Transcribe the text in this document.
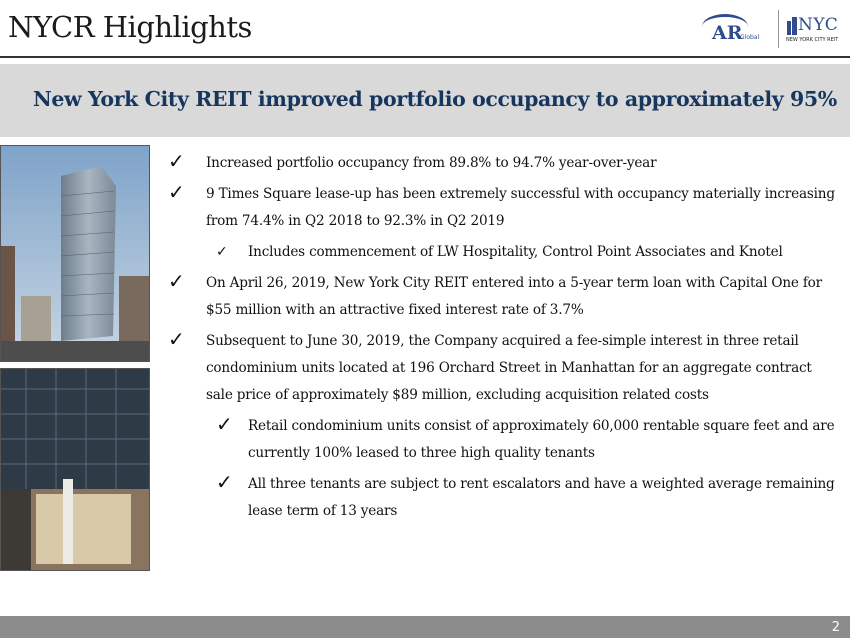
NYCR Highlights	AR
Global
NYC
NEW YORK CITY REIT
New York City REIT improved portfolio occupancy to approximately 95%
✓ Increased portfolio occupancy from 89.8% to 94.7% year-over-year
✓ 9 Times Square lease-up has been extremely successful with occupancy materially increasing from 74.4% in Q2 2018 to 92.3% in Q2 2019
✓ Includes commencement of LW Hospitality, Control Point Associates and Knotel
✓ On April 26, 2019, New York City REIT entered into a 5-year term loan with Capital One for $55 million with an attractive fixed interest rate of 3.7%
✓ Subsequent to June 30, 2019, the Company acquired a fee-simple interest in three retail condominium units located at 196 Orchard Street in Manhattan for an aggregate contract sale price of approximately $89 million, excluding acquisition related costs
✓ Retail condominium units consist of approximately 60,000 rentable square feet and are currently 100% leased to three high quality tenants
✓ All three tenants are subject to rent escalators and have a weighted average remaining lease term of 13 years
2
